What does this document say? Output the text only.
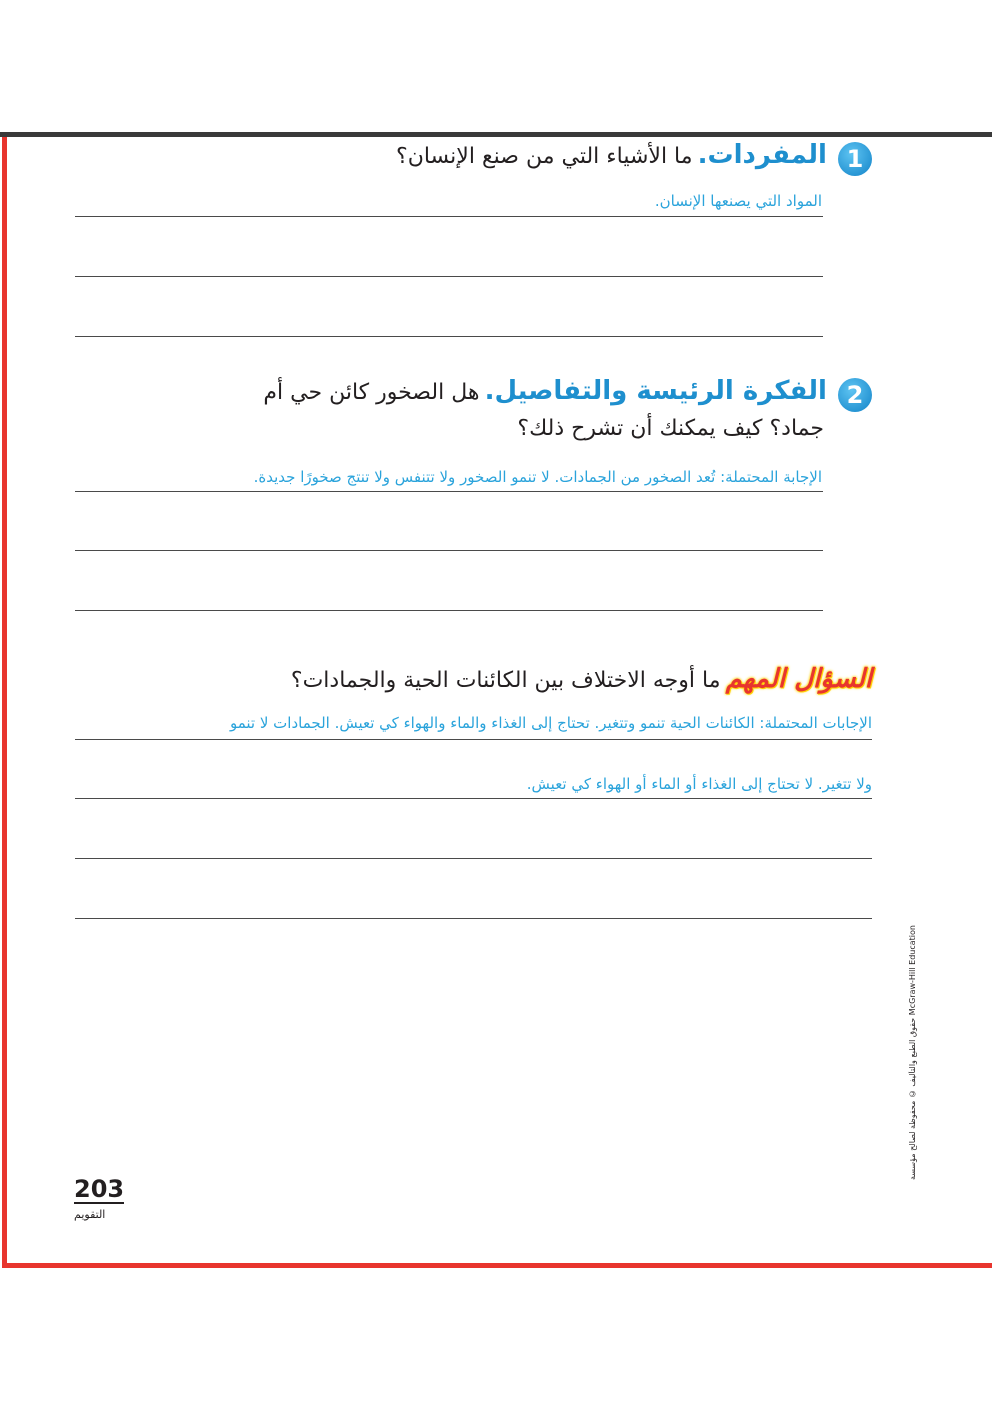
1 المفردات. ما الأشياء التي من صنع الإنسان؟
المواد التي يصنعها الإنسان.
2 الفكرة الرئيسة والتفاصيل. هل الصخور كائن حي أم
جماد؟ كيف يمكنك أن تشرح ذلك؟
الإجابة المحتملة: تُعد الصخور من الجمادات. لا تنمو الصخور ولا تتنفس ولا تنتج صخورًا جديدة.
السؤال المهم ما أوجه الاختلاف بين الكائنات الحية والجمادات؟
الإجابات المحتملة: الكائنات الحية تنمو وتتغير. تحتاج إلى الغذاء والماء والهواء كي تعيش. الجمادات لا تنمو
ولا تتغير. لا تحتاج إلى الغذاء أو الماء أو الهواء كي تعيش.
حقوق الطبع والتأليف © محفوظة لصالح مؤسسة McGraw-Hill Education
203
التقويم
